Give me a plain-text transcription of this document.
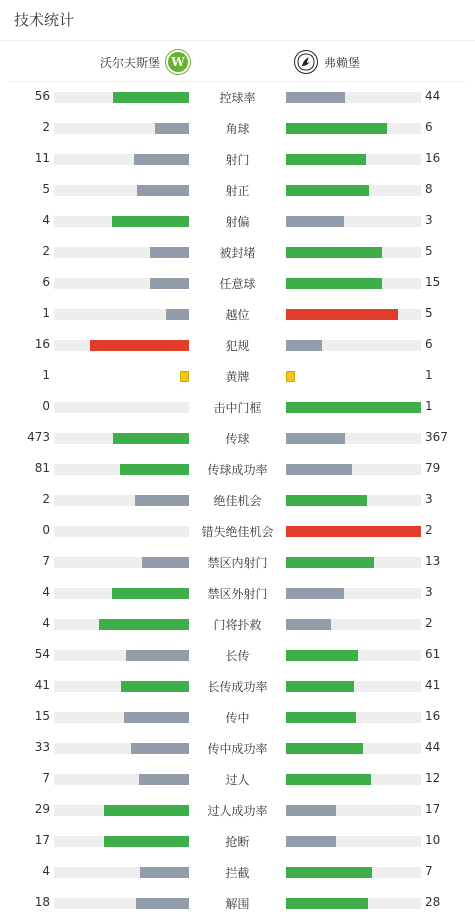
技术统计
沃尔夫斯堡 W	弗赖堡
56	控球率	44
2	角球	6
11	射门	16
5	射正	8
4	射偏	3
2	被封堵	5
6	任意球	15
1	越位	5
16	犯规	6
1	黄牌	1
0	击中门框	1
473	传球	367
81	传球成功率	79
2	绝佳机会	3
0	错失绝佳机会	2
7	禁区内射门	13
4	禁区外射门	3
4	门将扑救	2
54	长传	61
41	长传成功率	41
15	传中	16
33	传中成功率	44
7	过人	12
29	过人成功率	17
17	抢断	10
4	拦截	7
18	解围	28
